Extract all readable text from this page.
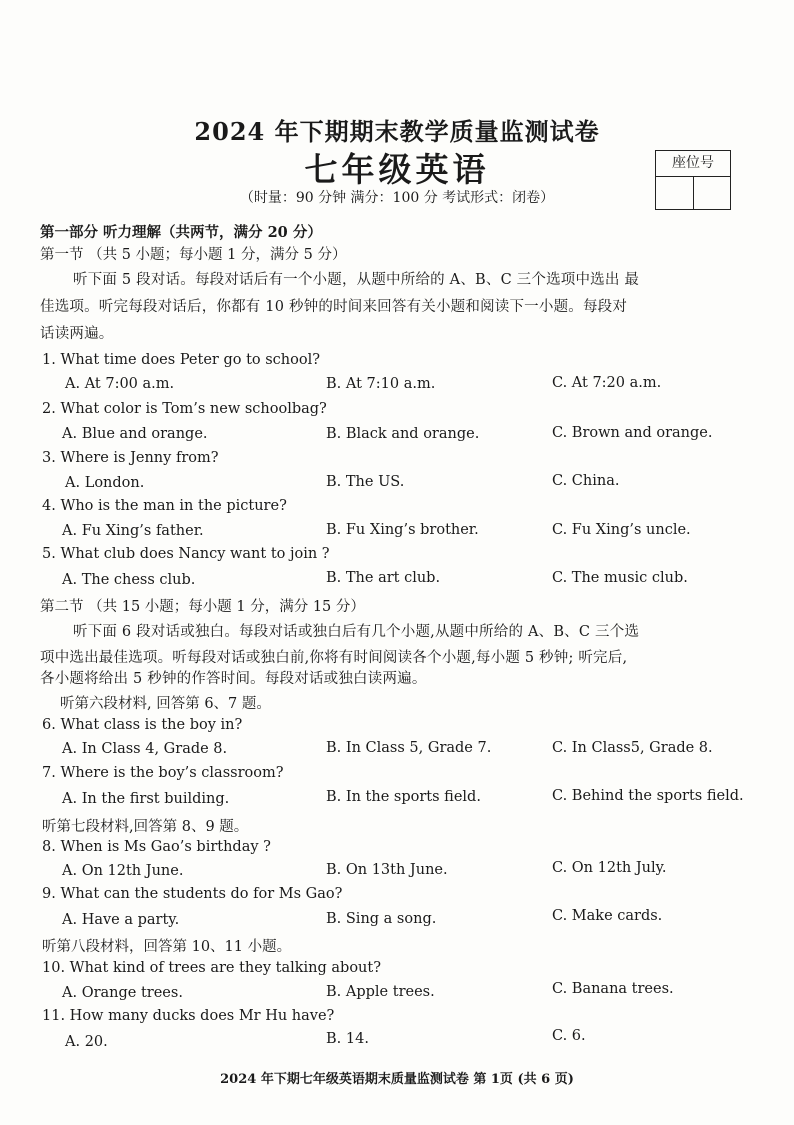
2024 年下期期末教学质量监测试卷
七年级英语
（时量：90 分钟 满分：100 分 考试形式：闭卷）
座位号
第一部分 听力理解（共两节，满分 20 分）
第一节 （共 5 小题；每小题 1 分，满分 5 分）
听下面 5 段对话。每段对话后有一个小题，从题中所给的 A、B、C 三个选项中选出 最
佳选项。听完每段对话后，你都有 10 秒钟的时间来回答有关小题和阅读下一小题。每段对
话读两遍。
1. What time does Peter go to school?
A. At 7:00 a.m.	B. At 7:10 a.m.	C. At 7:20 a.m.
2. What color is Tom’s new schoolbag?
A. Blue and orange.	B. Black and orange.	C. Brown and orange.
3. Where is Jenny from?
A. London.	B. The US.	C. China.
4. Who is the man in the picture?
A. Fu Xing’s father.	B. Fu Xing’s brother.	C. Fu Xing’s uncle.
5. What club does Nancy want to join ?
A. The chess club.	B. The art club.	C. The music club.
第二节 （共 15 小题；每小题 1 分，满分 15 分）
听下面 6 段对话或独白。每段对话或独白后有几个小题,从题中所给的 A、B、C 三个选
项中选出最佳选项。听每段对话或独白前,你将有时间阅读各个小题,每小题 5 秒钟; 听完后,
各小题将给出 5 秒钟的作答时间。每段对话或独白读两遍。
听第六段材料, 回答第 6、7 题。
6. What class is the boy in?
A. In Class 4, Grade 8.	B. In Class 5, Grade 7.	C. In Class5, Grade 8.
7. Where is the boy’s classroom?
A. In the first building.	B. In the sports field.	C. Behind the sports field.
听第七段材料,回答第 8、9 题。
8. When is Ms Gao’s birthday ?
A. On 12th June.	B. On 13th June.	C. On 12th July.
9. What can the students do for Ms Gao?
A. Have a party.	B. Sing a song.	C. Make cards.
听第八段材料，回答第 10、11 小题。
10. What kind of trees are they talking about?
A. Orange trees.	B. Apple trees.	C. Banana trees.
11. How many ducks does Mr Hu have?
A. 20.	B. 14.	C. 6.
2024 年下期七年级英语期末质量监测试卷 第 1页 (共 6 页)
